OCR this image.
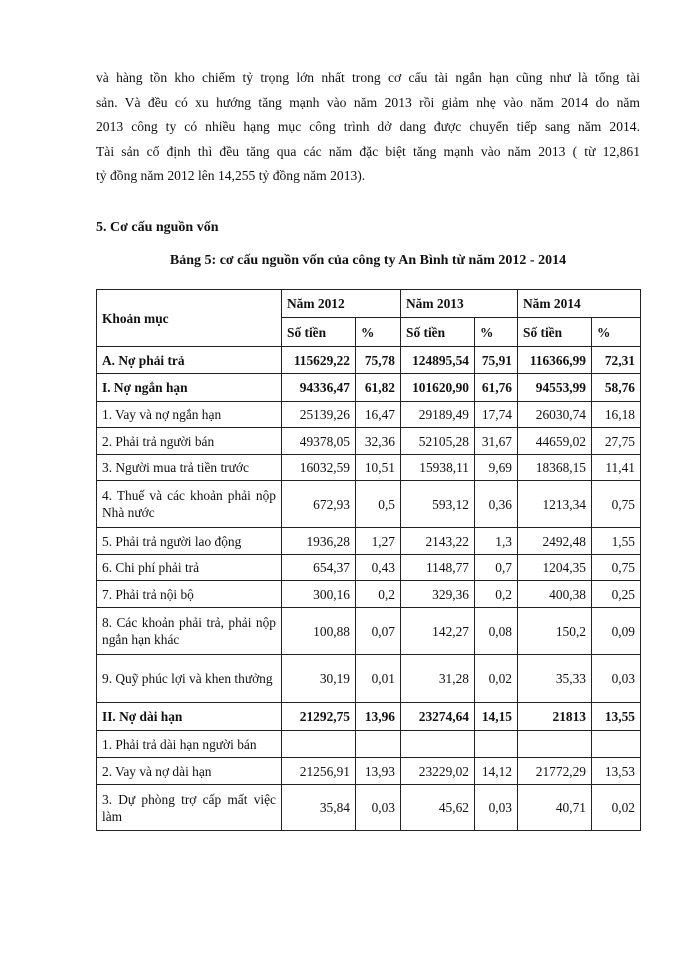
và hàng tồn kho chiếm tỷ trọng lớn nhất trong cơ cấu tài ngắn hạn cũng như là tổng tài
sản. Và đều có xu hướng tăng mạnh vào năm 2013 rồi giảm nhẹ vào năm 2014 do năm
2013 công ty có nhiều hạng mục công trình dở dang được chuyển tiếp sang năm 2014.
Tài sản cố định thì đều tăng qua các năm đặc biệt tăng mạnh vào năm 2013 ( từ 12,861
tỷ đồng năm 2012 lên 14,255 tỷ đồng năm 2013).
5. Cơ cấu nguồn vốn
Bảng 5: cơ cấu nguồn vốn của công ty An Bình từ năm 2012 - 2014
Khoản mục	Năm 2012		Năm 2013		Năm 2014	
	Số tiền	%	Số tiền	%	Số tiền	%
A. Nợ phải trả	115629,22	75,78	124895,54	75,91	116366,99	72,31
I. Nợ ngắn hạn	94336,47	61,82	101620,90	61,76	94553,99	58,76
1. Vay và nợ ngắn hạn	25139,26	16,47	29189,49	17,74	26030,74	16,18
2. Phải trả người bán	49378,05	32,36	52105,28	31,67	44659,02	27,75
3. Người mua trả tiền trước	16032,59	10,51	15938,11	9,69	18368,15	11,41
4. Thuế và các khoản phải nộp Nhà nước	672,93	0,5	593,12	0,36	1213,34	0,75
5. Phải trả người lao động	1936,28	1,27	2143,22	1,3	2492,48	1,55
6. Chi phí phải trả	654,37	0,43	1148,77	0,7	1204,35	0,75
7. Phải trả nội bộ	300,16	0,2	329,36	0,2	400,38	0,25
8. Các khoản phải trả, phải nộp ngắn hạn khác	100,88	0,07	142,27	0,08	150,2	0,09
9. Quỹ phúc lợi và khen thưởng	30,19	0,01	31,28	0,02	35,33	0,03
II. Nợ dài hạn	21292,75	13,96	23274,64	14,15	21813	13,55
1. Phải trả dài hạn người bán						
2. Vay và nợ dài hạn	21256,91	13,93	23229,02	14,12	21772,29	13,53
3. Dự phòng trợ cấp mất việc làm	35,84	0,03	45,62	0,03	40,71	0,02
